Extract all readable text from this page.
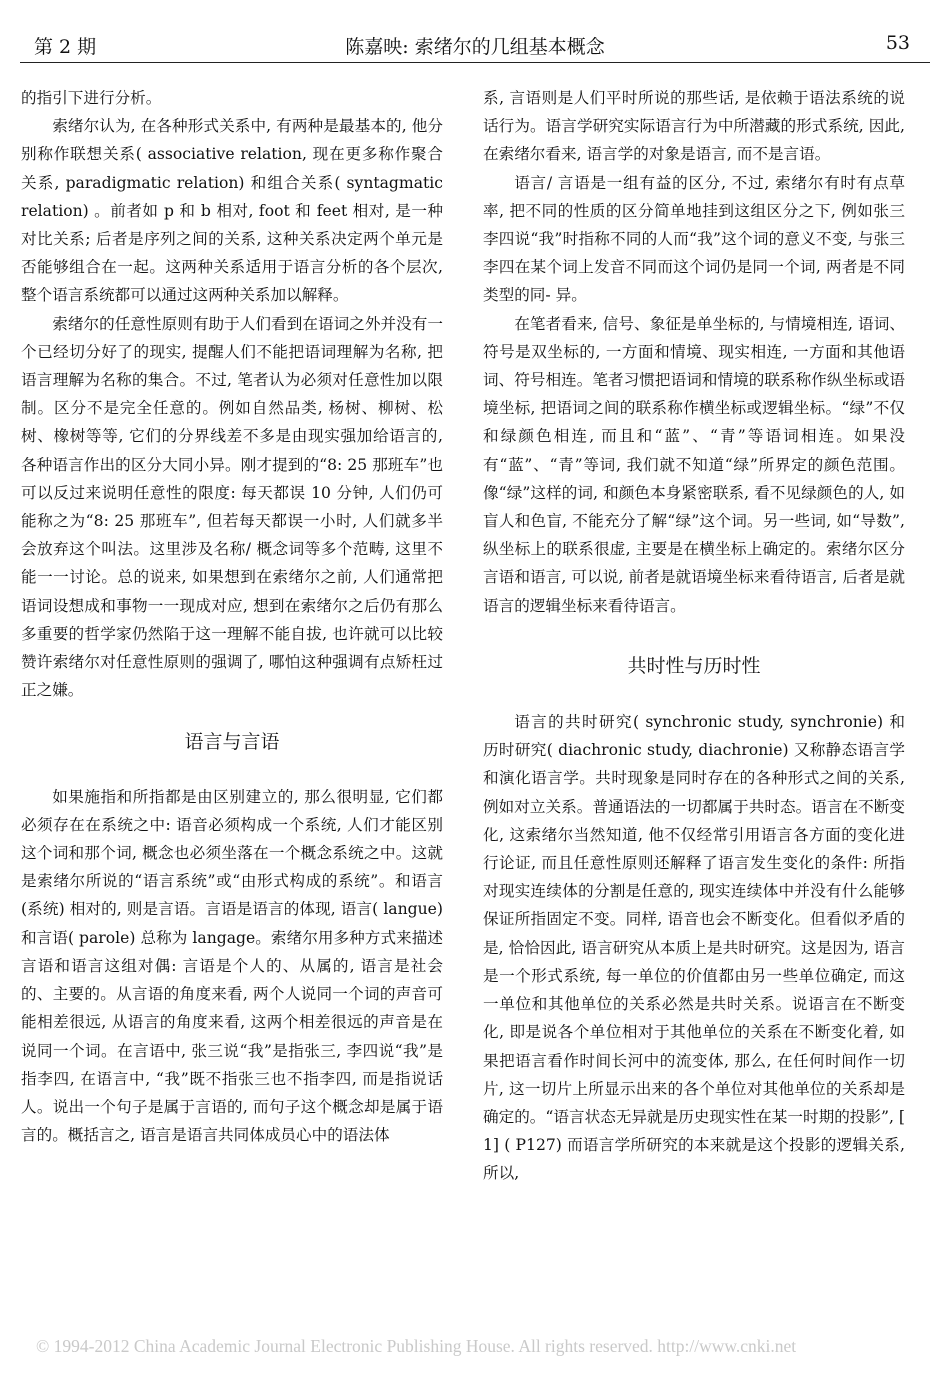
第 2 期	陈嘉映: 索绪尔的几组基本概念	53

的指引下进行分析。

索绪尔认为, 在各种形式关系中, 有两种是最基本的, 他分别称作联想关系( associative relation, 现在更多称作聚合关系, paradigmatic relation) 和组合关系( syntagmatic relation) 。前者如 p 和 b 相对, foot 和 feet 相对, 是一种对比关系; 后者是序列之间的关系, 这种关系决定两个单元是否能够组合在一起。这两种关系适用于语言分析的各个层次, 整个语言系统都可以通过这两种关系加以解释。

索绪尔的任意性原则有助于人们看到在语词之外并没有一个已经切分好了的现实, 提醒人们不能把语词理解为名称, 把语言理解为名称的集合。不过, 笔者认为必须对任意性加以限制。区分不是完全任意的。例如自然品类, 杨树、柳树、松树、橡树等等, 它们的分界线差不多是由现实强加给语言的, 各种语言作出的区分大同小异。刚才提到的“8: 25 那班车”也可以反过来说明任意性的限度: 每天都误 10 分钟, 人们仍可能称之为“8: 25 那班车”, 但若每天都误一小时, 人们就多半会放弃这个叫法。这里涉及名称/ 概念词等多个范畴, 这里不能一一讨论。总的说来, 如果想到在索绪尔之前, 人们通常把语词设想成和事物一一现成对应, 想到在索绪尔之后仍有那么多重要的哲学家仍然陷于这一理解不能自拔, 也许就可以比较赞许索绪尔对任意性原则的强调了, 哪怕这种强调有点矫枉过正之嫌。

语言与言语

如果施指和所指都是由区别建立的, 那么很明显, 它们都必须存在在系统之中: 语音必须构成一个系统, 人们才能区别这个词和那个词, 概念也必须坐落在一个概念系统之中。这就是索绪尔所说的“语言系统”或“由形式构成的系统”。和语言(系统) 相对的, 则是言语。言语是语言的体现, 语言( langue) 和言语( parole) 总称为 langage。索绪尔用多种方式来描述言语和语言这组对偶: 言语是个人的、从属的, 语言是社会的、主要的。从言语的角度来看, 两个人说同一个词的声音可能相差很远, 从语言的角度来看, 这两个相差很远的声音是在说同一个词。在言语中, 张三说“我”是指张三, 李四说“我”是指李四, 在语言中, “我”既不指张三也不指李四, 而是指说话人。说出一个句子是属于言语的, 而句子这个概念却是属于语言的。概括言之, 语言是语言共同体成员心中的语法体

系, 言语则是人们平时所说的那些话, 是依赖于语法系统的说话行为。语言学研究实际语言行为中所潜藏的形式系统, 因此, 在索绪尔看来, 语言学的对象是语言, 而不是言语。

语言/ 言语是一组有益的区分, 不过, 索绪尔有时有点草率, 把不同的性质的区分简单地挂到这组区分之下, 例如张三李四说“我”时指称不同的人而“我”这个词的意义不变, 与张三李四在某个词上发音不同而这个词仍是同一个词, 两者是不同类型的同- 异。

在笔者看来, 信号、象征是单坐标的, 与情境相连, 语词、符号是双坐标的, 一方面和情境、现实相连, 一方面和其他语词、符号相连。笔者习惯把语词和情境的联系称作纵坐标或语境坐标, 把语词之间的联系称作横坐标或逻辑坐标。“绿”不仅和绿颜色相连, 而且和“蓝”、“青”等语词相连。如果没有“蓝”、“青”等词, 我们就不知道“绿”所界定的颜色范围。像“绿”这样的词, 和颜色本身紧密联系, 看不见绿颜色的人, 如盲人和色盲, 不能充分了解“绿”这个词。另一些词, 如“导数”, 纵坐标上的联系很虚, 主要是在横坐标上确定的。索绪尔区分言语和语言, 可以说, 前者是就语境坐标来看待语言, 后者是就语言的逻辑坐标来看待语言。

共时性与历时性

语言的共时研究( synchronic study, synchronie) 和历时研究( diachronic study, diachronie) 又称静态语言学和演化语言学。共时现象是同时存在的各种形式之间的关系, 例如对立关系。普通语法的一切都属于共时态。语言在不断变化, 这索绪尔当然知道, 他不仅经常引用语言各方面的变化进行论证, 而且任意性原则还解释了语言发生变化的条件: 所指对现实连续体的分割是任意的, 现实连续体中并没有什么能够保证所指固定不变。同样, 语音也会不断变化。但看似矛盾的是, 恰恰因此, 语言研究从本质上是共时研究。这是因为, 语言是一个形式系统, 每一单位的价值都由另一些单位确定, 而这一单位和其他单位的关系必然是共时关系。说语言在不断变化, 即是说各个单位相对于其他单位的关系在不断变化着, 如果把语言看作时间长河中的流变体, 那么, 在任何时间作一切片, 这一切片上所显示出来的各个单位对其他单位的关系却是确定的。“语言状态无异就是历史现实性在某一时期的投影”, [ 1] ( P127) 而语言学所研究的本来就是这个投影的逻辑关系, 所以,

© 1994-2012 China Academic Journal Electronic Publishing House. All rights reserved. http://www.cnki.net
